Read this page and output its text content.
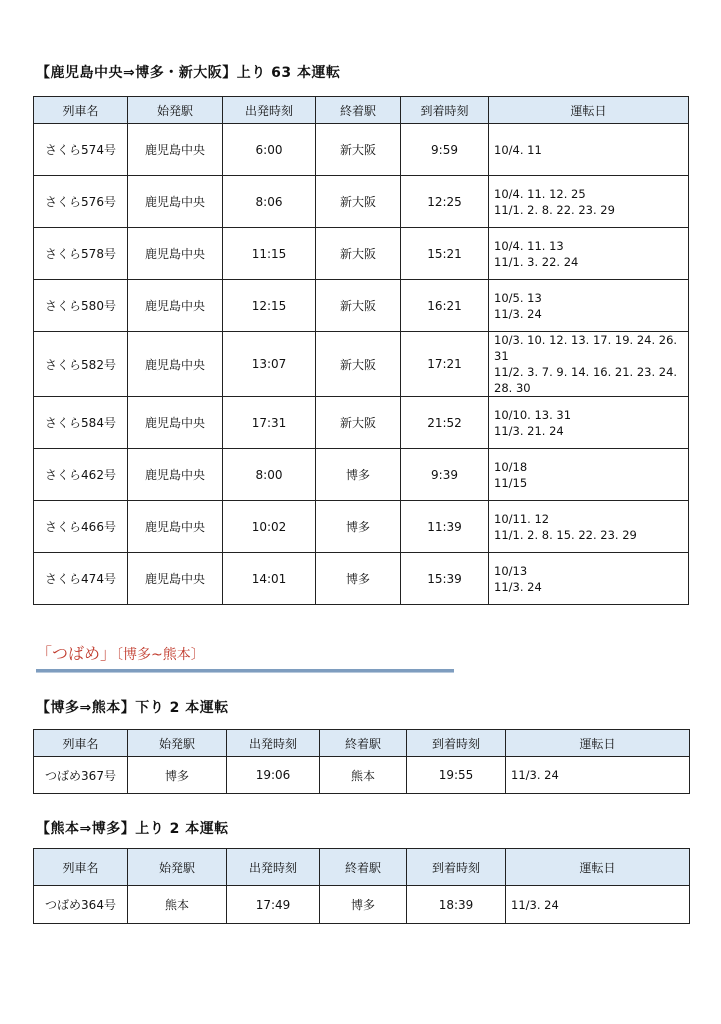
【鹿児島中央⇒博多・新大阪】上り 63 本運転
列車名	始発駅	出発時刻	終着駅	到着時刻	運転日
さくら574号	鹿児島中央	6:00	新大阪	9:59	10/4. 11

さくら576号	鹿児島中央	8:06	新大阪	12:25	10/4. 11. 12. 25
11/1. 2. 8. 22. 23. 29

さくら578号	鹿児島中央	11:15	新大阪	15:21	10/4. 11. 13
11/1. 3. 22. 24

さくら580号	鹿児島中央	12:15	新大阪	16:21	10/5. 13
11/3. 24

さくら582号	鹿児島中央	13:07	新大阪	17:21	10/3. 10. 12. 13. 17. 19. 24. 26. 31
11/2. 3. 7. 9. 14. 16. 21. 23. 24. 28. 30

さくら584号	鹿児島中央	17:31	新大阪	21:52	10/10. 13. 31
11/3. 21. 24

さくら462号	鹿児島中央	8:00	博多	9:39	10/18
11/15

さくら466号	鹿児島中央	10:02	博多	11:39	10/11. 12
11/1. 2. 8. 15. 22. 23. 29

さくら474号	鹿児島中央	14:01	博多	15:39	10/13
11/3. 24
「つばめ」〔博多~熊本〕
【博多⇒熊本】下り 2 本運転
列車名	始発駅	出発時刻	終着駅	到着時刻	運転日
つばめ367号	博多	19:06	熊本	19:55	11/3. 24
【熊本⇒博多】上り 2 本運転
列車名	始発駅	出発時刻	終着駅	到着時刻	運転日
つばめ364号	熊本	17:49	博多	18:39	11/3. 24
